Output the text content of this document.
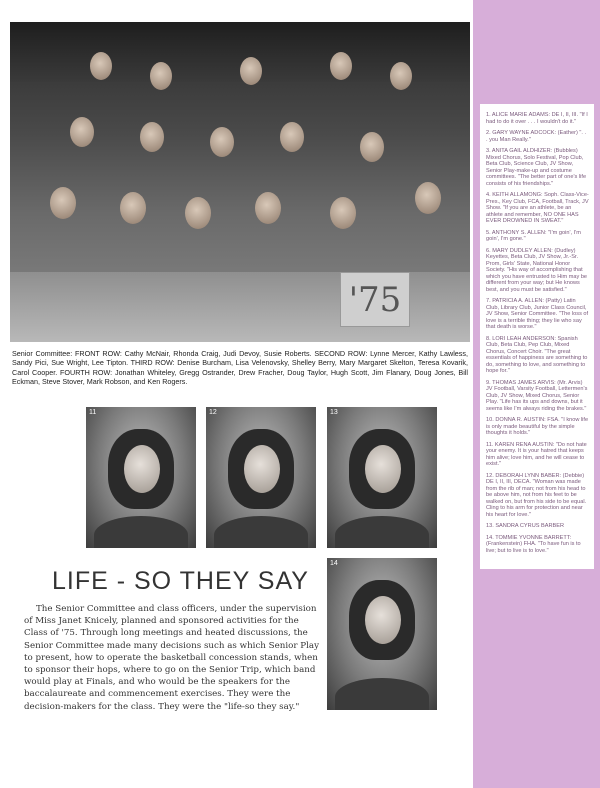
'75
Senior Committee: FRONT ROW: Cathy McNair, Rhonda Craig, Judi Devoy, Susie Roberts. SECOND ROW: Lynne Mercer, Kathy Lawless, Sandy Pici, Sue Wright, Lee Tipton. THIRD ROW: Denise Burcham, Lisa Velenovsky, Shelley Berry, Mary Margaret Skelton, Teresa Kovarik, Carol Cooper. FOURTH ROW: Jonathan Whiteley, Gregg Ostrander, Drew Fracher, Doug Taylor, Hugh Scott, Jim Flanary, Doug Jones, Bill Eckman, Steve Stover, Mark Robson, and Ken Rogers.
11	12	13
14
LIFE - SO THEY SAY

The Senior Committee and class officers, under the supervision of Miss Janet Knicely, planned and sponsored activities for the Class of '75. Through long meetings and heated discussions, the Senior Committee made many decisions such as which Senior Play to present, how to operate the basketball concession stands, when to sponsor their hops, where to go on the Senior Trip, which band would play at Finals, and who would be the speakers for the baccalaureate and commencement exercises. They were the decision-makers for the class. They were the "life-so they say."

1. ALICE MARIE ADAMS: DE I, II, III. "If I had to do it over . . . I wouldn't do it."

2. GARY WAYNE ADCOCK: (Eather) ". . . you Man Really."

3. ANITA GAIL ALDHIZER: (Bubbles) Mixed Chorus, Solo Festival, Pop Club, Beta Club, Science Club, JV Show, Senior Play-make-up and costume committees. "The better part of one's life consists of his friendships."

4. KEITH ALLAMONG: Soph. Class-Vice-Pres., Key Club, FCA, Football, Track, JV Show. "If you are an athlete, be an athlete and remember, NO ONE HAS EVER DROWNED IN SWEAT."

5. ANTHONY S. ALLEN: "I'm goin', I'm goin', I'm gone."

6. MARY DUDLEY ALLEN: (Dudley) Keyettes, Beta Club, JV Show, Jr.-Sr. Prom, Girls' State, National Honor Society. "His way of accomplishing that which you have entrusted to Him may be different from your way; but He knows best, and you must be satisfied."

7. PATRICIA A. ALLEN: (Patty) Latin Club, Library Club, Junior Class Council, JV Show, Senior Committee. "The loss of love is a terrible thing; they lie who say that death is worse."

8. LORI LEAH ANDERSON: Spanish Club, Beta Club, Pep Club, Mixed Chorus, Concert Choir. "The great essentials of happiness are something to do, something to love, and something to hope for."

9. THOMAS JAMES ARVIS: (Mr. Arvis) JV Football, Varsity Football, Lettermen's Club, JV Show, Mixed Chorus, Senior Play. "Life has its ups and downs, but it seems like I'm always riding the brakes."

10. DONNA R. AUSTIN: FSA. "I know life is only made beautiful by the simple thoughts it holds."

11. KAREN RENA AUSTIN: "Do not hate your enemy. It is your hatred that keeps him alive; love him, and he will cease to exist."

12. DEBORAH LYNN BABER: (Debbie) DE I, II, III, DECA. "Woman was made from the rib of man; not from his head to be above him, not from his feet to be walked on, but from his side to be equal. Cling to his arm for protection and near his heart for love."

13. SANDRA CYRUS BARBER

14. TOMMIE YVONNE BARRETT: (Frankenstein) FHA. "To have fun is to live; but to live is to love."
